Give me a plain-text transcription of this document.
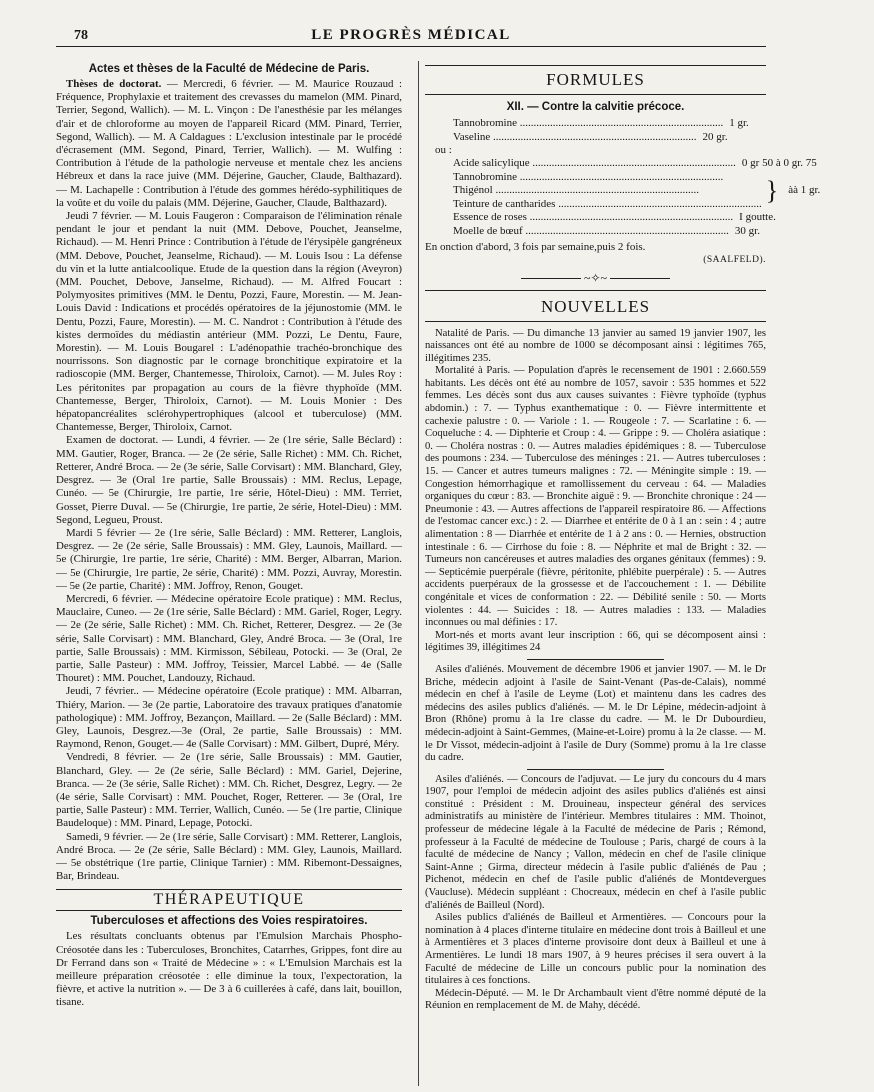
78	LE PROGRÈS MÉDICAL
Actes et thèses de la Faculté de Médecine de Paris.

Thèses de doctorat. — Mercredi, 6 février. — M. Maurice Rouzaud : Fréquence, Prophylaxie et traitement des crevasses du mamelon (MM. Pinard, Terrier, Segond, Wallich). — M. L. Vinçon : De l'anesthésie par les mélanges d'air et de chloroforme au moyen de l'appareil Ricard (MM. Pinard, Terrier, Segond, Wallich). — M. A Caldagues : L'exclusion intestinale par le procédé d'écrasement (MM. Segond, Pinard, Terrier, Wallich). — M. Wulfing : Contribution à l'étude de la pathologie nerveuse et mentale chez les anciens Hébreux et dans la race juive (MM. Déjerine, Gaucher, Claude, Balthazard). — M. Lachapelle : Contribution à l'étude des gommes hérédo-syphilitiques de la voûte et du voile du palais (MM. Déjerine, Gaucher, Claude, Balthazard).

Jeudi 7 février. — M. Louis Faugeron : Comparaison de l'élimination rénale pendant le jour et pendant la nuit (MM. Debove, Pouchet, Jeanselme, Richaud). — M. Henri Prince : Contribution à l'étude de l'érysipèle gangréneux (MM. Debove, Pouchet, Jeanselme, Richaud). — M. Louis Isou : La défense du vin et la lutte antialcoolique. Etude de la question dans la région (Aveyron) (MM. Pouchet, Debove, Janselme, Richaud). — M. Alfred Foucart : Polymyosites primitives (MM. le Dentu, Pozzi, Faure, Morestin. — M. Jean-Louis David : Indications et procédés opératoires de la jéjunostomie (MM. le Dentu, Pozzi, Faure, Morestin). — M. C. Nandrot : Contribution à l'étude des kistes dermoïdes du médiastin antérieur (MM. Pozzi, Le Dentu, Faure, Morestin). — M. Louis Bougarel : L'adénopathie trachéo-bronchique des nourrissons. Son diagnostic par le cornage bronchitique expiratoire et la radioscopie (MM. Berger, Chantemesse, Thiroloix, Carnot). — M. Jules Roy : Les péritonites par propagation au cours de la fièvre thyphoïde (MM. Chantemesse, Berger, Thiroloix, Carnot). — M. Louis Monier : Des hépatopancréalites sclérohypertrophiques (alcool et tuberculose) (MM. Chantemesse, Berger, Thiroloix, Carnot.

Examen de doctorat. — Lundi, 4 février. — 2e (1re série, Salle Béclard) : MM. Gautier, Roger, Branca. — 2e (2e série, Salle Richet) : MM. Ch. Richet, Retterer, André Broca. — 2e (3e série, Salle Corvisart) : MM. Blanchard, Gley, Desgrez. — 3e (Oral 1re partie, Salle Broussais) : MM. Reclus, Lepage, Cunéo. — 5e (Chirurgie, 1re partie, 1re série, Hôtel-Dieu) : MM. Terriet, Gosset, Pierre Duval. — 5e (Chirurgie, 1re partie, 2e série, Hotel-Dieu) : MM. Segond, Legueu, Proust.

Mardi 5 février — 2e (1re série, Salle Béclard) : MM. Retterer, Langlois, Desgrez. — 2e (2e série, Salle Broussais) : MM. Gley, Launois, Maillard. — 5e (Chirurgie, 1re partie, 1re série, Charité) : MM. Berger, Albarran, Marion. — 5e (Chirurgie, 1re partie, 2e série, Charité) : MM. Pozzi, Auvray, Morestin. — 5e (2e partie, Charité) : MM. Joffroy, Renon, Gouget.

Mercredi, 6 février. — Médecine opératoire Ecole pratique) : MM. Reclus, Mauclaire, Cuneo. — 2e (1re série, Salle Béclard) : MM. Gariel, Roger, Legry. — 2e (2e série, Salle Richet) : MM. Ch. Richet, Retterer, Desgrez. — 2e (3e série, Salle Corvisart) : MM. Blanchard, Gley, André Broca. — 3e (Oral, 1re partie, Salle Broussais) : MM. Kirmisson, Sébileau, Potocki. — 3e (Oral, 2e partie, Salle Pasteur) : MM. Joffroy, Teissier, Marcel Labbé. — 4e (Salle Thouret) : MM. Pouchet, Landouzy, Richaud.

Jeudi, 7 février.. — Médecine opératoire (Ecole pratique) : MM. Albarran, Thiéry, Marion. — 3e (2e partie, Laboratoire des travaux pratiques d'anatomie pathologique) : MM. Joffroy, Bezançon, Maillard. — 2e (Salle Béclard) : MM. Gley, Launois, Desgrez.—3e (Oral, 2e partie, Salle Broussais) : MM. Raymond, Renon, Gouget.— 4e (Salle Corvisart) : MM. Gilbert, Dupré, Méry.

Vendredi, 8 février. — 2e (1re série, Salle Broussais) : MM. Gautier, Blanchard, Gley. — 2e (2e série, Salle Béclard) : MM. Gariel, Dejerine, Branca. — 2e (3e série, Salle Richet) : MM. Ch. Richet, Desgrez, Legry. — 2e (4e série, Salle Corvisart) : MM. Pouchet, Roger, Retterer. — 3e (Oral, 1re partie, Salle Pasteur) : MM. Terrier, Wallich, Cunéo. — 5e (1re partie, Clinique Baudeloque) : MM. Pinard, Lepage, Potocki.

Samedi, 9 février. — 2e (1re série, Salle Corvisart) : MM. Retterer, Langlois, André Broca. — 2e (2e série, Salle Béclard) : MM. Gley, Launois, Maillard. — 5e obstétrique (1re partie, Clinique Tarnier) : MM. Ribemont-Dessaignes, Bar, Brindeau.

THÉRAPEUTIQUE
Tuberculoses et affections des Voies respiratoires.

Les résultats concluants obtenus par l'Emulsion Marchais Phospho-Créosotée dans les : Tuberculoses, Bronchites, Catarrhes, Grippes, font dire au Dr Ferrand dans son « Traité de Médecine » : « L'Emulsion Marchais est la meilleure préparation créosotée : elle diminue la toux, l'expectoration, la fièvre, et active la nutrition ». — De 3 à 6 cuillerées à café, dans lait, bouillon, tisane.

FORMULES
XII. — Contre la calvitie précoce.
Tannobromine .....	1 gr.
Vaseline .....	20 gr.
ou :
Acide salicylique .....	0 gr 50 à 0 gr. 75
Tannobromine .....
Thigénol .....
Teinture de cantharides .....	} àà 1 gr.
Essence de roses .....	I goutte.
Moelle de bœuf .....	30 gr.

En onction d'abord, 3 fois par semaine,puis 2 fois.

(SAALFELD).
~✧~
NOUVELLES

Natalité de Paris. — Du dimanche 13 janvier au samed 19 janvier 1907, les naissances ont été au nombre de 1000 se décomposant ainsi : légitimes 765, illégitimes 235.

Mortalité à Paris. — Population d'après le recensement de 1901 : 2.660.559 habitants. Les décès ont été au nombre de 1057, savoir : 535 hommes et 522 femmes. Les décès sont dus aux causes suivantes : Fièvre typhoïde (typhus abdomin.) : 7. — Typhus exanthematique : 0. — Fièvre intermittente et cachexie palustre : 0. — Variole : 1. — Rougeole : 7. — Scarlatine : 6. — Coqueluche : 4. — Diphterie et Croup : 4. — Grippe : 9. — Choléra asiatique : 0. — Choléra nostras : 0. — Autres maladies épidémiques : 8. — Tuberculose des poumons : 234. — Tuberculose des méninges : 21. — Autres tuberculoses : 15. — Cancer et autres tumeurs malignes : 72. — Méningite simple : 19. — Congestion hémorrhagique et ramollissement du cerveau : 64. — Maladies organiques du cœur : 83. — Bronchite aiguë : 9. — Bronchite chronique : 24 — Pneumonie : 43. — Autres affections de l'appareil respiratoire 86. — Affections de l'estomac cancer exc.) : 2. — Diarrhee et entérite de 0 à 1 an : sein : 4 ; autre alimentation : 8 — Diarrhée et entérite de 1 à 2 ans : 0. — Hernies, obstruction intestinale : 6. — Cirrhose du foie : 8. — Néphrite et mal de Bright : 32. — Tumeurs non cancéreuses et autres maladies des organes génitaux (femmes) : 9. — Septicémie puerpérale (fièvre, péritonite, phlébite puerpérale) : 5. — Autres accidents puerpéraux de la grossesse et de l'accouchement : 1. — Débilite congénitale et vices de conformation : 22. — Débilité senile : 50. — Morts violentes : 44. — Suicides : 18. — Autres maladies : 133. — Maladies inconnues ou mal définies : 17.

Mort-nés et morts avant leur inscription : 66, qui se décomposent ainsi : légitimes 39, illégitimes 24

Asiles d'aliénés. Mouvement de décembre 1906 et janvier 1907. — M. le Dr Briche, médecin adjoint à l'asile de Saint-Venant (Pas-de-Calais), nommé médecin en chef à l'asile de Leyme (Lot) et maintenu dans les cadres des médecins des asiles publics d'aliénés. — M. le Dr Lépine, médecin-adjoint à Bron (Rhône) promu à la 1re classe du cadre. — M. le Dr Dubourdieu, médecin-adjoint à Saint-Gemmes, (Maine-et-Loire) promu à la 2e classe. — M. le Dr Vissot, médecin-adjoint à l'asile de Dury (Somme) promu à la 1re classe du cadre.

Asiles d'aliénés. — Concours de l'adjuvat. — Le jury du concours du 4 mars 1907, pour l'emploi de médecin adjoint des asiles publics d'aliénés est ainsi constitué : Président : M. Drouineau, inspecteur général des services administratifs au ministère de l'intérieur. Membres titulaires : MM. Thoinot, professeur de médecine légale à la Faculté de médecine de Paris ; Rémond, professeur à la Faculté de médecine de Toulouse ; Paris, chargé de cours à la faculté de médecine de Nancy ; Vallon, médecin en chef de l'asile clinique Saint-Anne ; Girma, directeur médecin à l'asile public d'aliénés de Pau ; Pichenot, médecin en chef de l'asile public d'aliénés de Montdevergues (Vaucluse). Médecin suppléant : Chocreaux, médecin en chef à l'asile public d'aliénés de Bailleul (Nord).

Asiles publics d'aliénés de Bailleul et Armentières. — Concours pour la nomination à 4 places d'interne titulaire en médecine dont trois à Bailleul et une à Armentières et 3 places d'interne provisoire dont deux à Bailleul et une à Armentières. Le lundi 18 mars 1907, à 9 heures précises il sera ouvert à la Faculté de médecine de Lille un concours public pour la nomination des titulaires à ces fonctions.

Médecin-Député. — M. le Dr Archambault vient d'être nommé député de la Réunion en remplacement de M. de Mahy, décédé.
